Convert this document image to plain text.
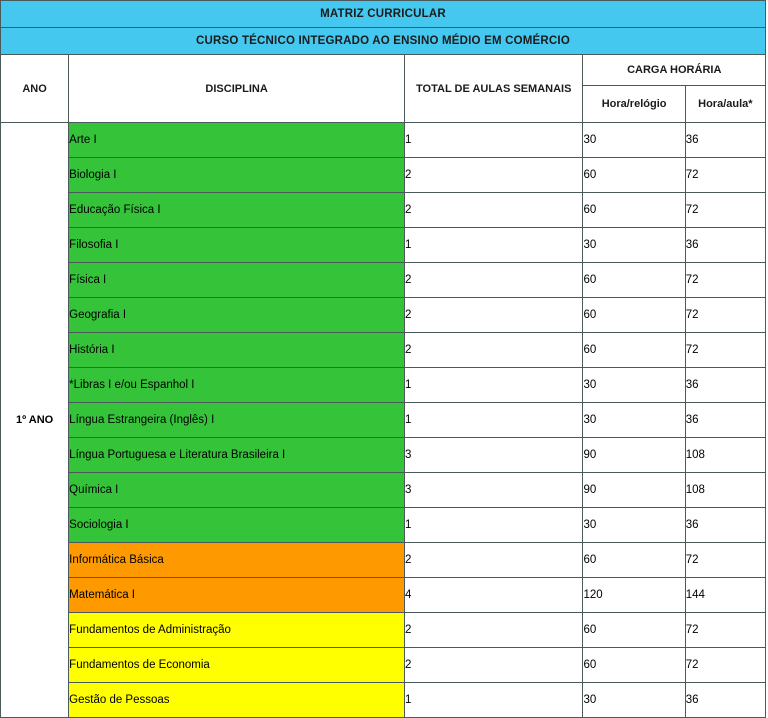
MATRIZ CURRICULAR				
CURSO TÉCNICO INTEGRADO AO ENSINO MÉDIO EM COMÉRCIO				
ANO	DISCIPLINA	TOTAL DE AULAS SEMANAIS	CARGA HORÁRIA	
			Hora/relógio	Hora/aula*
1º ANO	Arte I	1	30	36
	Biologia I	2	60	72
	Educação Física I	2	60	72
	Filosofia I	1	30	36
	Física I	2	60	72
	Geografia I	2	60	72
	História I	2	60	72
	*Libras I e/ou Espanhol I	1	30	36
	Língua Estrangeira (Inglês) I	1	30	36
	Língua Portuguesa e Literatura Brasileira I	3	90	108
	Química I	3	90	108
	Sociologia I	1	30	36
	Informática Básica	2	60	72
	Matemática I	4	120	144
	Fundamentos de Administração	2	60	72
	Fundamentos de Economia	2	60	72
	Gestão de Pessoas	1	30	36
